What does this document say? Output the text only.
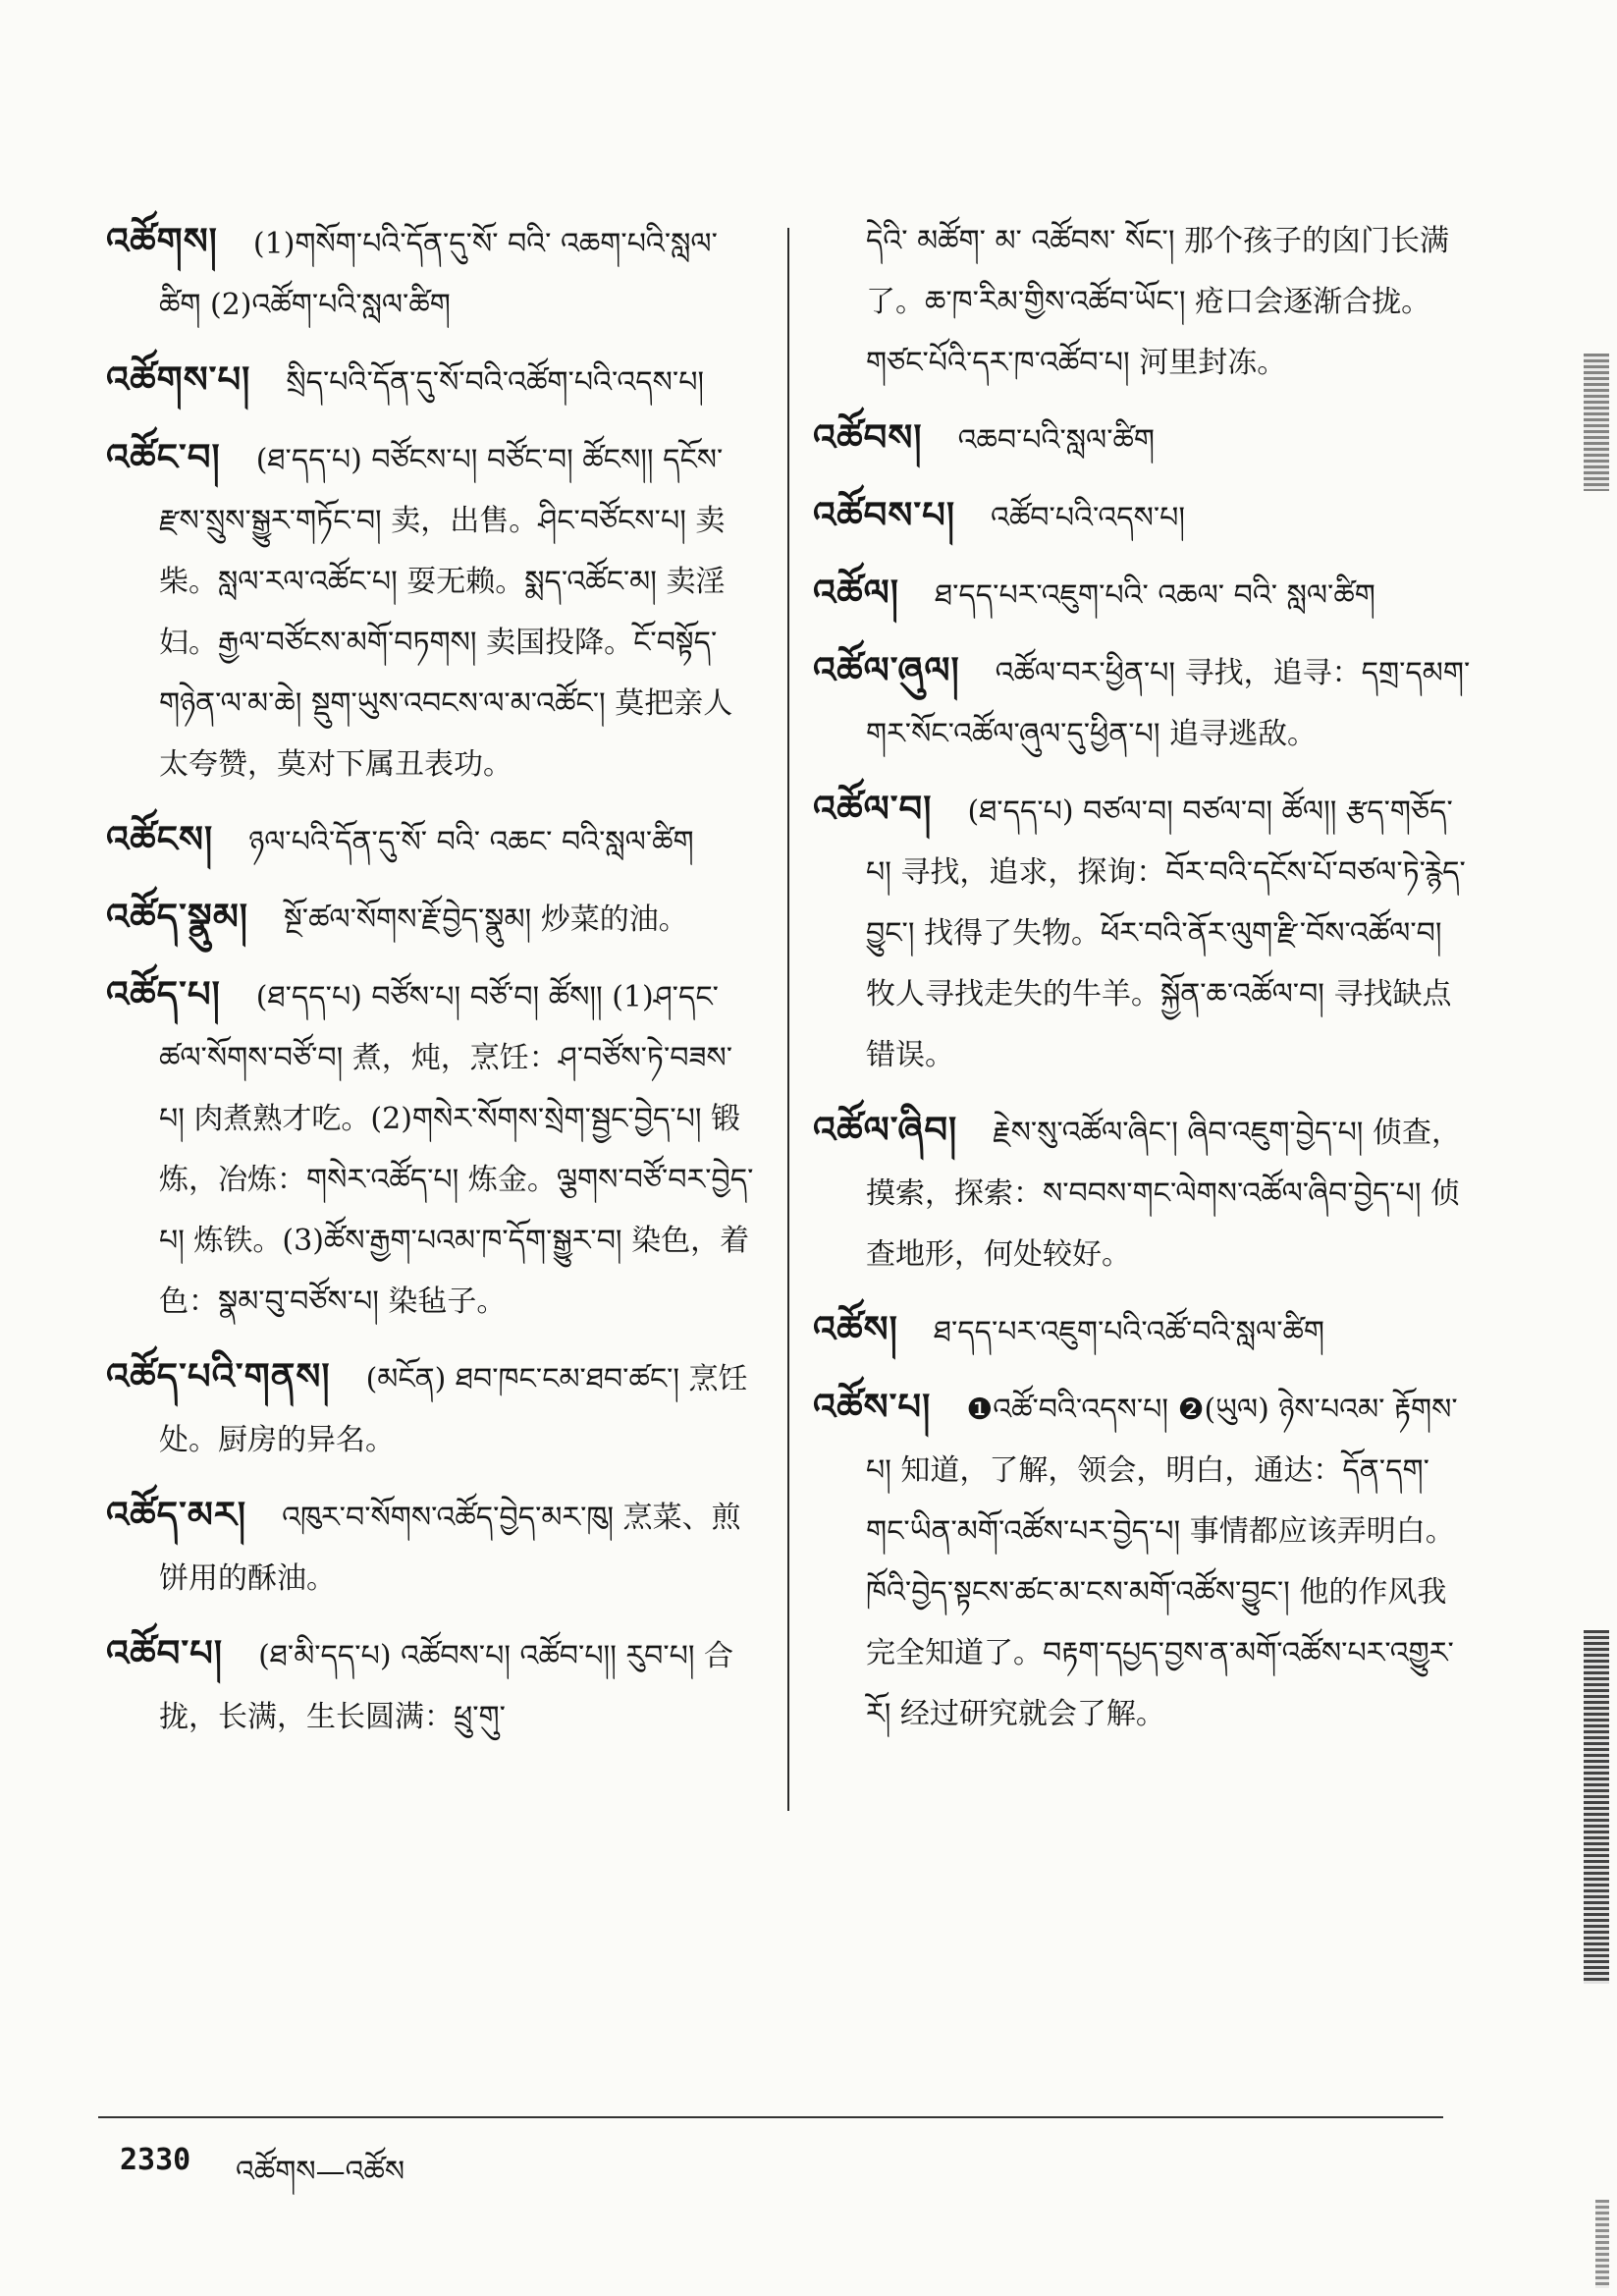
འཚོགས། (1)གསོག་པའི་དོན་དུ་སོ་ བའི་ འཆག་པའི་སླལ་ཚིག (2)འཚོག་པའི་སླལ་ཚིག
འཚོགས་པ། སྲིད་པའི་དོན་དུ་སོ་བའི་འཚོག་པའི་འདས་པ།
འཚོང་བ། (ཐ་དད་པ) བཙོངས་པ། བཙོང་བ། ཚོངས།། དངོས་རྫས་སྲུས་སྒྱུར་གཏོང་བ། 卖，出售。ཤིང་བཙོངས་པ། 卖柴。སླལ་རལ་འཚོང་པ། 耍无赖。སྨད་འཚོང་མ། 卖淫妇。རྒྱལ་བཙོངས་མགོ་བཏགས། 卖国投降。ངོ་བསྟོད་གཉེན་ལ་མ་ཆེ། སྡུག་ཡུས་འབངས་ལ་མ་འཚོང་། 莫把亲人太夸赞，莫对下属丑表功。
འཚོངས། ཉལ་པའི་དོན་དུ་སོ་ བའི་ འཆང་ བའི་སླལ་ཚིག
འཚོད་སྣུམ། སྔོ་ཚལ་སོགས་རྗོ་བྱེད་སྣུམ། 炒菜的油。
འཚོད་པ། (ཐ་དད་པ) བཙོས་པ། བཙོ་བ། ཚོས།། (1)ཤ་དང་ཚལ་སོགས་བཙོ་བ། 煮，炖，烹饪：ཤ་བཙོས་ཏེ་བཟས་པ། 肉煮熟才吃。(2)གསེར་སོགས་སྲེག་སྦྱང་བྱེད་པ། 锻炼，冶炼：གསེར་འཚོད་པ། 炼金。ལྕགས་བཙོ་བར་བྱེད་པ། 炼铁。(3)ཚོས་རྒྱག་པའམ་ཁ་དོག་སྒྱུར་བ། 染色，着色：སྣམ་བུ་བཙོས་པ། 染毡子。
འཚོད་པའི་གནས། (མངོན) ཐབ་ཁང་ངམ་ཐབ་ཚང་། 烹饪处。厨房的异名。
འཚོད་མར། འཁུར་བ་སོགས་འཚོད་བྱེད་མར་ཁུ། 烹菜、煎饼用的酥油。
འཚོབ་པ། (ཐ་མི་དད་པ) འཚོབས་པ། འཚོབ་པ།། རུབ་པ། 合拢，长满，生长圆满：ཕྲུ་གུ་
དེའི་ མཚོག་ མ་ འཚོབས་ སོང་། 那个孩子的囟门长满了。ཆ་ཁ་རིམ་གྱིས་འཚོབ་ཡོང་། 疮口会逐渐合拢。གཙང་པོའི་དར་ཁ་འཚོབ་པ། 河里封冻。
འཚོབས། འཆབ་པའི་སླལ་ཚིག
འཚོབས་པ། འཚོབ་པའི་འདས་པ།
འཚོལ། ཐ་དད་པར་འཇུག་པའི་ འཆལ་ བའི་ སླལ་ཚིག
འཚོལ་ཞུལ། འཚོལ་བར་ཕྱིན་པ། 寻找，追寻：དགྲ་དམག་གར་སོང་འཚོལ་ཞུལ་དུ་ཕྱིན་པ། 追寻逃敌。
འཚོལ་བ། (ཐ་དད་པ) བཙལ་བ། བཙལ་བ། ཚོལ།། རྩད་གཅོད་པ། 寻找，追求，探询：བོར་བའི་དངོས་པོ་བཙལ་ཏེ་རྙེད་བྱུང་། 找得了失物。ཕོར་བའི་ནོར་ལུག་རྫི་བོས་འཚོལ་བ། 牧人寻找走失的牛羊。སྐྱོན་ཆ་འཚོལ་བ། 寻找缺点错误。
འཚོལ་ཞིབ། རྗེས་སུ་འཚོལ་ཞིང་། ཞིབ་འཇུག་བྱེད་པ། 侦查，摸索，探索：ས་བབས་གང་ལེགས་འཚོལ་ཞིབ་བྱེད་པ། 侦查地形，何处较好。
འཚོས། ཐ་དད་པར་འཇུག་པའི་འཚོ་བའི་སླལ་ཚིག
འཚོས་པ། ❶འཚོ་བའི་འདས་པ། ❷(ཡུལ) ཉེས་པའམ་ རྟོགས་ པ། 知道，了解，领会，明白，通达：དོན་དག་གང་ཡིན་མགོ་འཚོས་པར་བྱེད་པ། 事情都应该弄明白。ཁོའི་བྱེད་སྟངས་ཚང་མ་ངས་མགོ་འཚོས་བྱུང་། 他的作风我完全知道了。བརྟག་དཔྱད་བྱས་ན་མགོ་འཚོས་པར་འགྱུར་རོ། 经过研究就会了解。
2330 འཚོགས—འཚོས
